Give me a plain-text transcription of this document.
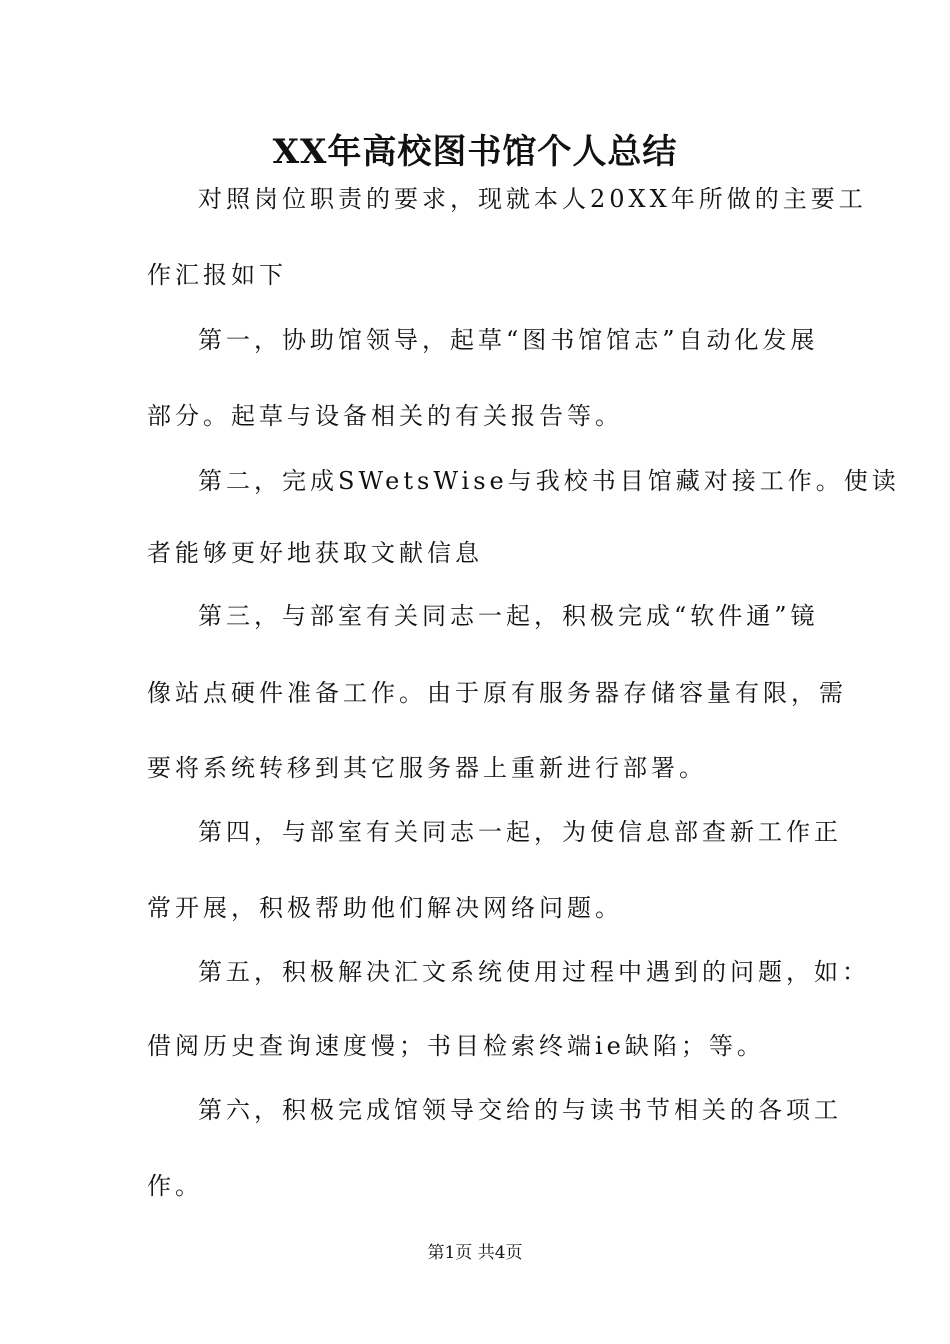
XX年高校图书馆个人总结
对照岗位职责的要求，现就本人20XX年所做的主要工
作汇报如下
第一，协助馆领导，起草“图书馆馆志”自动化发展
部分。起草与设备相关的有关报告等。
第二，完成SWetsWise与我校书目馆藏对接工作。使读
者能够更好地获取文献信息
第三，与部室有关同志一起，积极完成“软件通”镜
像站点硬件准备工作。由于原有服务器存储容量有限，需
要将系统转移到其它服务器上重新进行部署。
第四，与部室有关同志一起，为使信息部查新工作正
常开展，积极帮助他们解决网络问题。
第五，积极解决汇文系统使用过程中遇到的问题，如：
借阅历史查询速度慢；书目检索终端ie缺陷；等。
第六，积极完成馆领导交给的与读书节相关的各项工
作。
第1页 共4页
